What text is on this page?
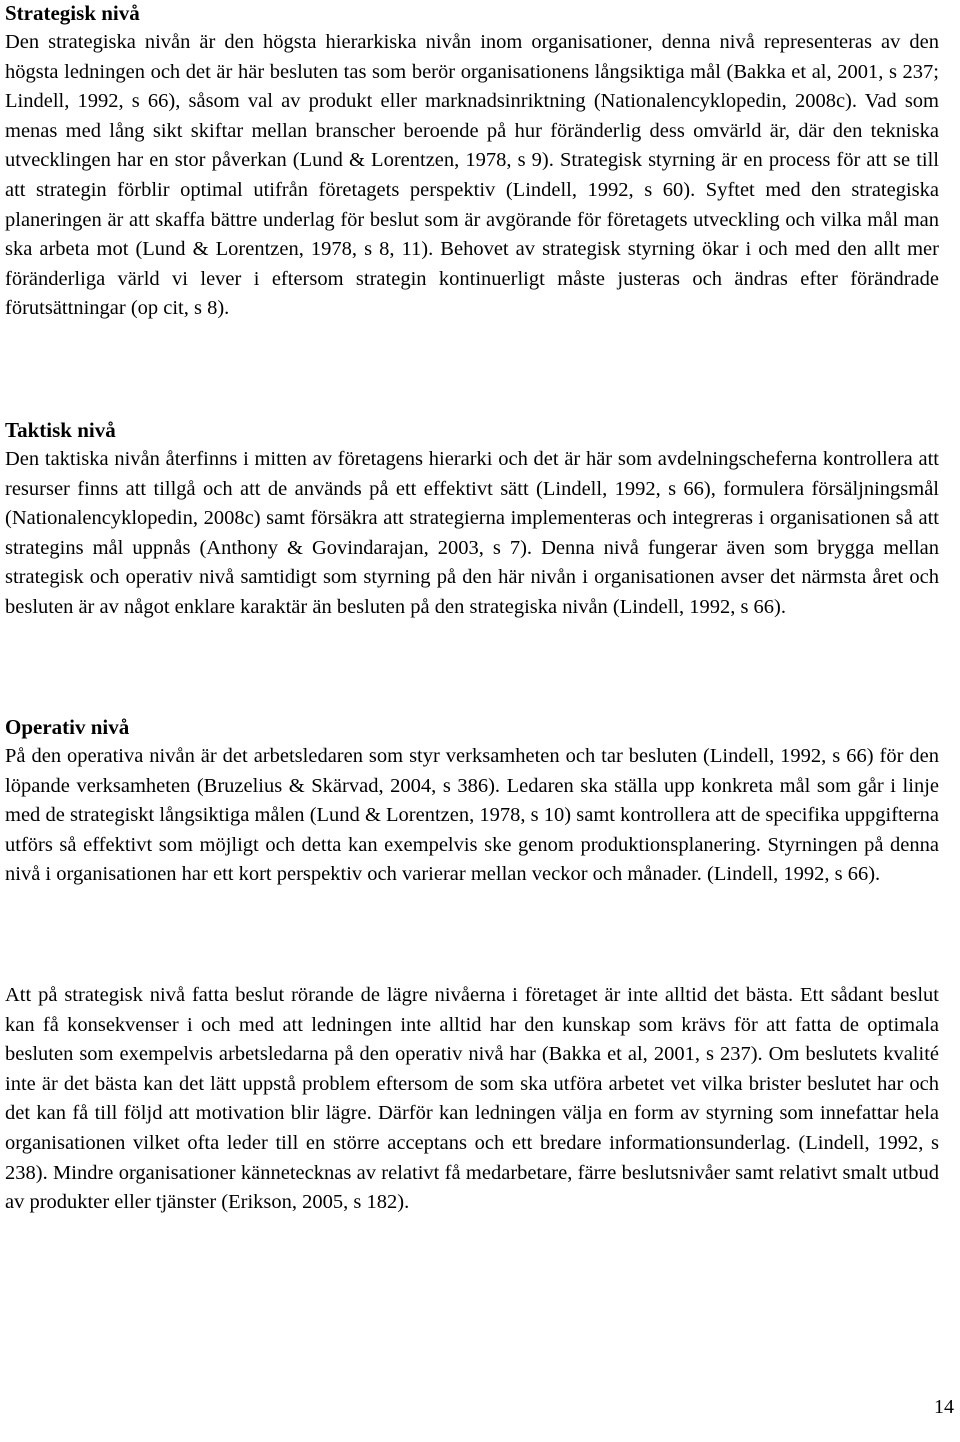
Strategisk nivå

Den strategiska nivån är den högsta hierarkiska nivån inom organisationer, denna nivå representeras av den högsta ledningen och det är här besluten tas som berör organisationens långsiktiga mål (Bakka et al, 2001, s 237; Lindell, 1992, s 66), såsom val av produkt eller marknadsinriktning (Nationalencyklopedin, 2008c). Vad som menas med lång sikt skiftar mellan branscher beroende på hur föränderlig dess omvärld är, där den tekniska utvecklingen har en stor påverkan (Lund & Lorentzen, 1978, s 9). Strategisk styrning är en process för att se till att strategin förblir optimal utifrån företagets perspektiv (Lindell, 1992, s 60). Syftet med den strategiska planeringen är att skaffa bättre underlag för beslut som är avgörande för företagets utveckling och vilka mål man ska arbeta mot (Lund & Lorentzen, 1978, s 8, 11). Behovet av strategisk styrning ökar i och med den allt mer föränderliga värld vi lever i eftersom strategin kontinuerligt måste justeras och ändras efter förändrade förutsättningar (op cit, s 8).

Taktisk nivå

Den taktiska nivån återfinns i mitten av företagens hierarki och det är här som avdelningscheferna kontrollera att resurser finns att tillgå och att de används på ett effektivt sätt (Lindell, 1992, s 66), formulera försäljningsmål (Nationalencyklopedin, 2008c) samt försäkra att strategierna implementeras och integreras i organisationen så att strategins mål uppnås (Anthony & Govindarajan, 2003, s 7). Denna nivå fungerar även som brygga mellan strategisk och operativ nivå samtidigt som styrning på den här nivån i organisationen avser det närmsta året och besluten är av något enklare karaktär än besluten på den strategiska nivån (Lindell, 1992, s 66).

Operativ nivå

På den operativa nivån är det arbetsledaren som styr verksamheten och tar besluten (Lindell, 1992, s 66) för den löpande verksamheten (Bruzelius & Skärvad, 2004, s 386). Ledaren ska ställa upp konkreta mål som går i linje med de strategiskt långsiktiga målen (Lund & Lorentzen, 1978, s 10) samt kontrollera att de specifika uppgifterna utförs så effektivt som möjligt och detta kan exempelvis ske genom produktionsplanering. Styrningen på denna nivå i organisationen har ett kort perspektiv och varierar mellan veckor och månader. (Lindell, 1992, s 66).

Att på strategisk nivå fatta beslut rörande de lägre nivåerna i företaget är inte alltid det bästa. Ett sådant beslut kan få konsekvenser i och med att ledningen inte alltid har den kunskap som krävs för att fatta de optimala besluten som exempelvis arbetsledarna på den operativ nivå har (Bakka et al, 2001, s 237). Om beslutets kvalité inte är det bästa kan det lätt uppstå problem eftersom de som ska utföra arbetet vet vilka brister beslutet har och det kan få till följd att motivation blir lägre. Därför kan ledningen välja en form av styrning som innefattar hela organisationen vilket ofta leder till en större acceptans och ett bredare informationsunderlag. (Lindell, 1992, s 238). Mindre organisationer kännetecknas av relativt få medarbetare, färre beslutsnivåer samt relativt smalt utbud av produkter eller tjänster (Erikson, 2005, s 182).

14
